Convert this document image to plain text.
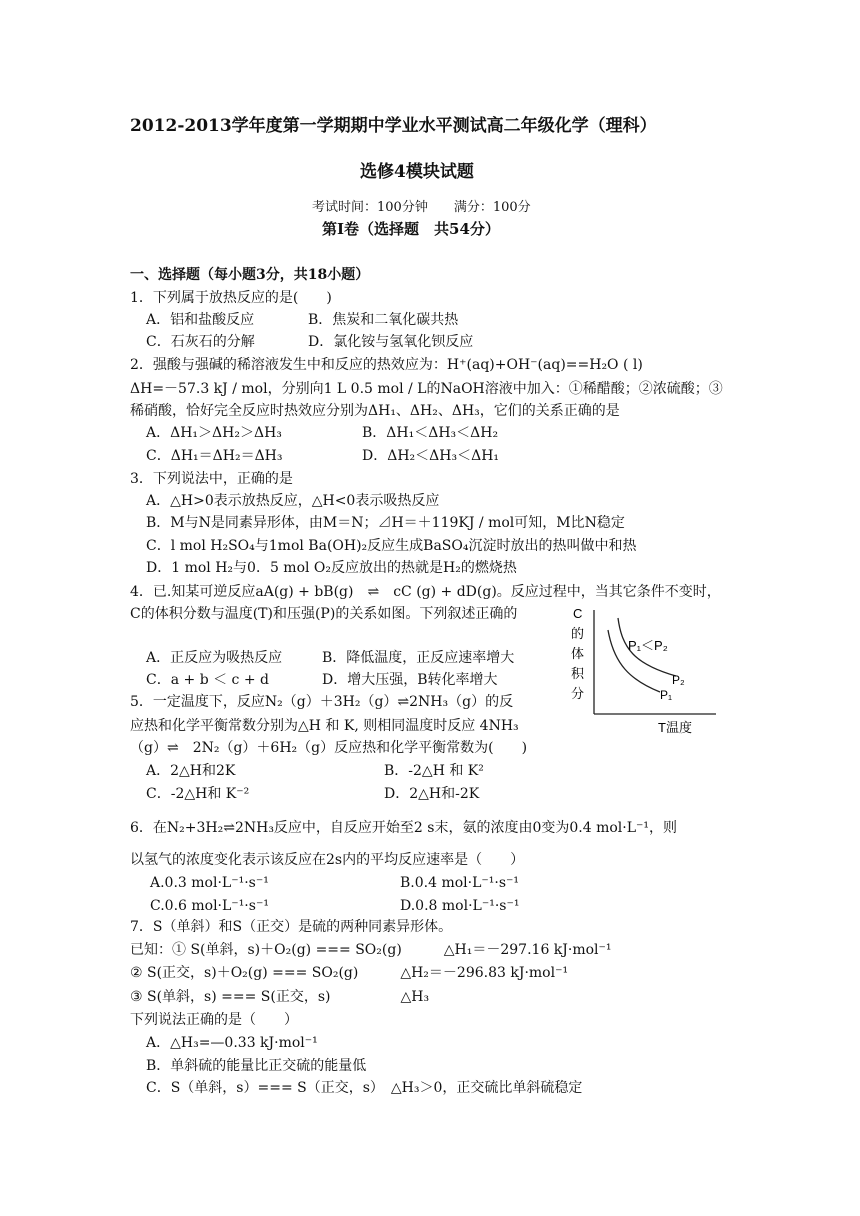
2012-2013学年度第一学期期中学业水平测试高二年级化学（理科）
选修4模块试题
考试时间：100分钟　　满分：100分
第Ⅰ卷（选择题　共54分）
一、选择题（每小题3分，共18小题）
1．下列属于放热反应的是(　　)
A．铝和盐酸反应	B．焦炭和二氧化碳共热
C．石灰石的分解	D．氯化铵与氢氧化钡反应
2．强酸与强碱的稀溶液发生中和反应的热效应为：H⁺(aq)+OH⁻(aq)==H₂O ( l)
ΔH=－57.3 kJ / mol，分别向1 L 0.5 mol / L的NaOH溶液中加入：①稀醋酸；②浓硫酸；③
稀硝酸，恰好完全反应时热效应分别为ΔH₁、ΔH₂、ΔH₃，它们的关系正确的是
A．ΔH₁＞ΔH₂＞ΔH₃	B．ΔH₁＜ΔH₃＜ΔH₂
C．ΔH₁＝ΔH₂＝ΔH₃	D．ΔH₂＜ΔH₃＜ΔH₁
3．下列说法中，正确的是
A．△H>0表示放热反应，△H<0表示吸热反应
B．M与N是同素异形体，由M＝N；⊿H＝＋119KJ / mol可知，M比N稳定
C．l mol H₂SO₄与1mol Ba(OH)₂反应生成BaSO₄沉淀时放出的热叫做中和热
D．1 mol H₂与0．5 mol O₂反应放出的热就是H₂的燃烧热
4．已.知某可逆反应aA(g) + bB(g)　⇌　cC (g) + dD(g)。反应过程中，当其它条件不变时，
C的体积分数与温度(T)和压强(P)的关系如图。下列叙述正确的
A．正反应为吸热反应	B．降低温度，正反应速率增大
C．a + b ＜ c + d	D．增大压强，B转化率增大
C
的
体
积
分
P₁＜P₂
P₂
P₁
T温度
5．一定温度下，反应N₂（g）＋3H₂（g）⇌2NH₃（g）的反
应热和化学平衡常数分别为△H 和 K, 则相同温度时反应 4NH₃
（g）⇌　2N₂（g）＋6H₂（g）反应热和化学平衡常数为(　　)
A．2△H和2K	B．-2△H 和 K²
C．-2△H和 K⁻²	D．2△H和-2K
6．在N₂+3H₂⇌2NH₃反应中，自反应开始至2 s末，氨的浓度由0变为0.4 mol·L⁻¹，则
以氢气的浓度变化表示该反应在2s内的平均反应速率是（　　）
A.0.3 mol·L⁻¹·s⁻¹	B.0.4 mol·L⁻¹·s⁻¹
C.0.6 mol·L⁻¹·s⁻¹	D.0.8 mol·L⁻¹·s⁻¹
7．S（单斜）和S（正交）是硫的两种同素异形体。
已知：① S(单斜，s)＋O₂(g) === SO₂(g)　　　△H₁＝－297.16 kJ·mol⁻¹
② S(正交，s)＋O₂(g) === SO₂(g)　　　△H₂＝－296.83 kJ·mol⁻¹
③ S(单斜，s) === S(正交，s)　　　　　△H₃
下列说法正确的是（　　）
A．△H₃=—0.33 kJ·mol⁻¹
B．单斜硫的能量比正交硫的能量低
C．S（单斜，s）=== S（正交，s）　△H₃＞0，正交硫比单斜硫稳定
